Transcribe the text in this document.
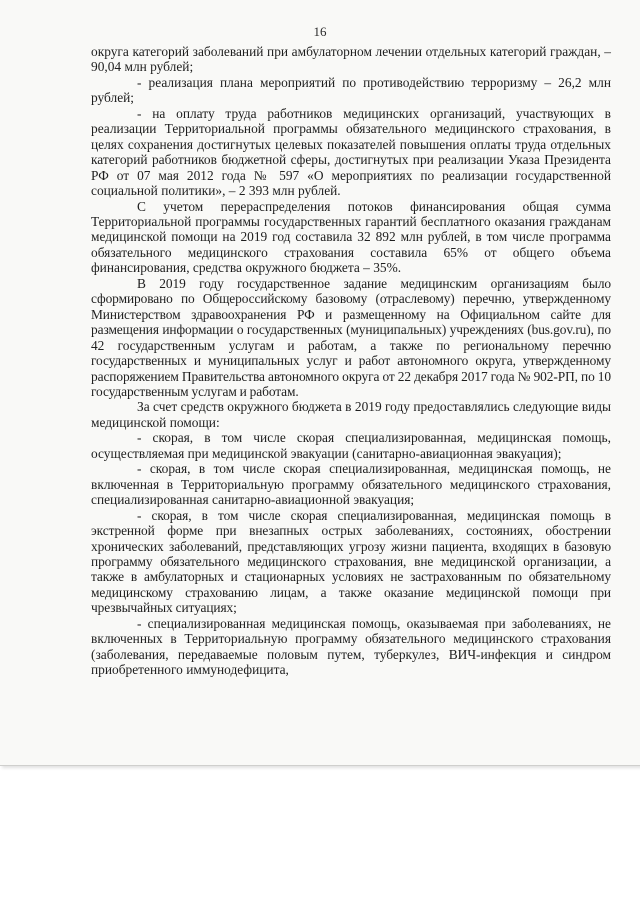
16

округа категорий заболеваний при амбулаторном лечении отдельных категорий граждан, – 90,04 млн рублей;

- реализация плана мероприятий по противодействию терроризму – 26,2 млн рублей;

- на оплату труда работников медицинских организаций, участвующих в реализации Территориальной программы обязательного медицинского страхования, в целях сохранения достигнутых целевых показателей повышения оплаты труда отдельных категорий работников бюджетной сферы, достигнутых при реализации Указа Президента РФ от 07 мая 2012 года № 597 «О мероприятиях по реализации государственной социальной политики», – 2 393 млн рублей.

С учетом перераспределения потоков финансирования общая сумма Территориальной программы государственных гарантий бесплатного оказания гражданам медицинской помощи на 2019 год составила 32 892 млн рублей, в том числе программа обязательного медицинского страхования составила 65% от общего объема финансирования, средства окружного бюджета – 35%.

В 2019 году государственное задание медицинским организациям было сформировано по Общероссийскому базовому (отраслевому) перечню, утвержденному Министерством здравоохранения РФ и размещенному на Официальном сайте для размещения информации о государственных (муниципальных) учреждениях (bus.gov.ru), по 42 государственным услугам и работам, а также по региональному перечню государственных и муниципальных услуг и работ автономного округа, утвержденному распоряжением Правительства автономного округа от 22 декабря 2017 года № 902-РП, по 10 государственным услугам и работам.

За счет средств окружного бюджета в 2019 году предоставлялись следующие виды медицинской помощи:

- скорая, в том числе скорая специализированная, медицинская помощь, осуществляемая при медицинской эвакуации (санитарно-авиационная эвакуация);

- скорая, в том числе скорая специализированная, медицинская помощь, не включенная в Территориальную программу обязательного медицинского страхования, специализированная санитарно-авиационной эвакуация;

- скорая, в том числе скорая специализированная, медицинская помощь в экстренной форме при внезапных острых заболеваниях, состояниях, обострении хронических заболеваний, представляющих угрозу жизни пациента, входящих в базовую программу обязательного медицинского страхования, вне медицинской организации, а также в амбулаторных и стационарных условиях не застрахованным по обязательному медицинскому страхованию лицам, а также оказание медицинской помощи при чрезвычайных ситуациях;

- специализированная медицинская помощь, оказываемая при заболеваниях, не включенных в Территориальную программу обязательного медицинского страхования (заболевания, передаваемые половым путем, туберкулез, ВИЧ-инфекция и синдром приобретенного иммунодефицита,
